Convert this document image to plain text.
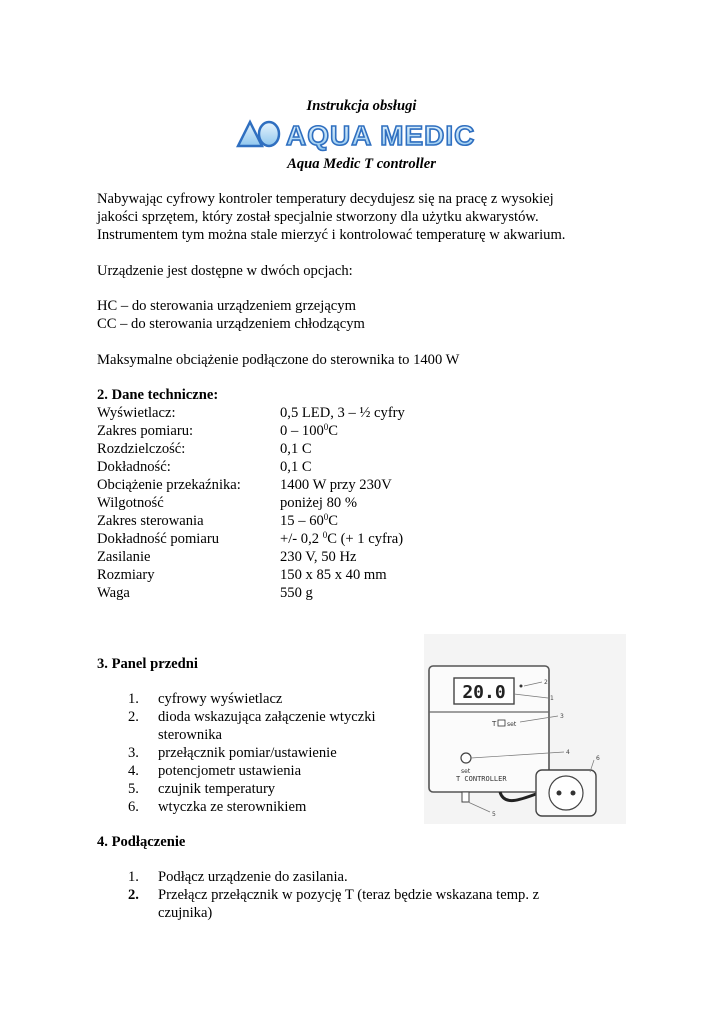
Instrukcja obsługi
AQUA MEDIC
Aqua Medic T controller
Nabywając cyfrowy kontroler temperatury decydujesz się na pracę z wysokiej
jakości sprzętem, który został specjalnie stworzony dla użytku akwarystów.
Instrumentem tym można stale mierzyć i kontrolować temperaturę w akwarium.
Urządzenie jest dostępne w dwóch opcjach:
HC – do sterowania urządzeniem grzejącym
CC – do sterowania urządzeniem chłodzącym
Maksymalne obciążenie podłączone do sterownika to 1400 W
2. Dane techniczne:
Wyświetlacz:	0,5 LED, 3 – ½ cyfry
Zakres pomiaru:	$0 - 100^0C$
Rozdzielczość:	0,1 C
Dokładność:	0,1 C
Obciążenie przekaźnika:	1400 W przy 230V
Wilgotność	poniżej 80 %
Zakres sterowania	$15 - 60^0C$
Dokładność pomiaru	+/- 0,2 $^0$C (+ 1 cyfra)
Zasilanie	230 V, 50 Hz
Rozmiary	150 x 85 x 40 mm
Waga	550 g
3. Panel przedni
1. cyfrowy wyświetlacz
2. dioda wskazująca załączenie wtyczki
sterownika
3. przełącznik pomiar/ustawienie
4. potencjometr ustawienia
5. czujnik temperatury
6. wtyczka ze sterownikiem
20.0
T set
set
T CONTROLLER
1
2
3
4
5
6
4. Podłączenie
1. Podłącz urządzenie do zasilania.
2. Przełącz przełącznik w pozycję T (teraz będzie wskazana temp. z
czujnika)
